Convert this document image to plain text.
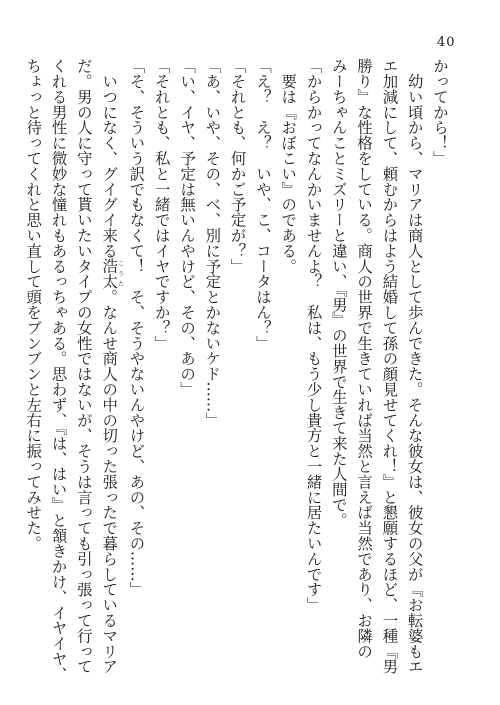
40
かってから！」
　幼い頃から、マリアは商人として歩んできた。そんな彼女は、彼女の父が『お転婆もエ
エ加減にして、頼むからはよう結婚して孫の顔見せてくれ！』と懇願するほど、一種『男
勝り』な性格をしている。商人の世界で生きていれば当然と言えば当然であり、お隣の
みーちゃんことミズリーと違い、『男』の世界で生きて来た人間で。
「からかってなんかいませんよ？　私は、もう少し貴方と一緒に居たいんです」
　要は『おぼこい』のである。
「え？　え？　いや、こ、コータはん？」
「それとも、何かご予定が？」
「あ、いや、その、べ、別に予定とかないケド……」
「い、イヤ、予定は無いんやけど、その、あの」
「それとも、私と一緒ではイヤですか？」
「そ、そういう訳でもなくて！　そ、そうやないんやけど、あの、その……」
　いつになく、グイグイ来る浩太こうた。なんせ商人の中の切った張ったで暮らしているマリア
だ。男の人に守って貰いたいタイプの女性ではないが、そうは言っても引っ張って行って
くれる男性に微妙な憧れもあるっちゃある。思わず、『は、はい』と頷きかけ、イヤイヤ、
ちょっと待ってくれと思い直して頭をブンブンと左右に振ってみせた。
